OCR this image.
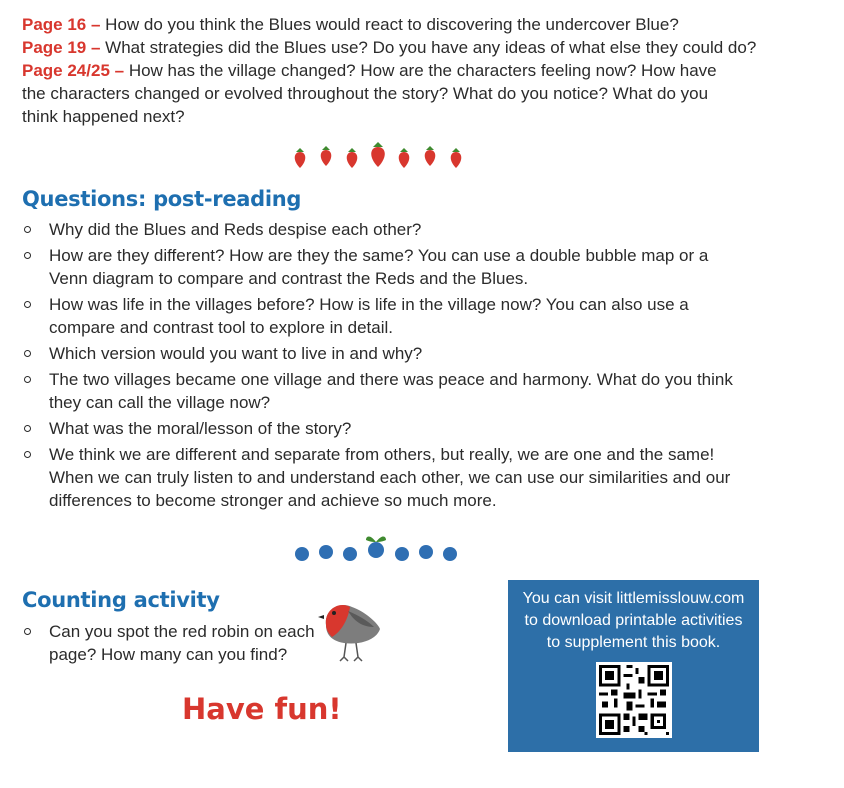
Page 16 – How do you think the Blues would react to discovering the undercover Blue?
Page 19 – What strategies did the Blues use? Do you have any ideas of what else they could do?
Page 24/25 – How has the village changed? How are the characters feeling now? How have
the characters changed or evolved throughout the story? What do you notice? What do you
think happened next?
Questions: post-reading
Why did the Blues and Reds despise each other?
How are they different? How are they the same? You can use a double bubble map or a
Venn diagram to compare and contrast the Reds and the Blues.
How was life in the villages before? How is life in the village now? You can also use a
compare and contrast tool to explore in detail.
Which version would you want to live in and why?
The two villages became one village and there was peace and harmony. What do you think
they can call the village now?
What was the moral/lesson of the story?
We think we are different and separate from others, but really, we are one and the same!
When we can truly listen to and understand each other, we can use our similarities and our
differences to become stronger and achieve so much more.
Counting activity
Can you spot the red robin on each
page? How many can you find?
Have fun!
You can visit littlemisslouw.com
to download printable activities
to supplement this book.
